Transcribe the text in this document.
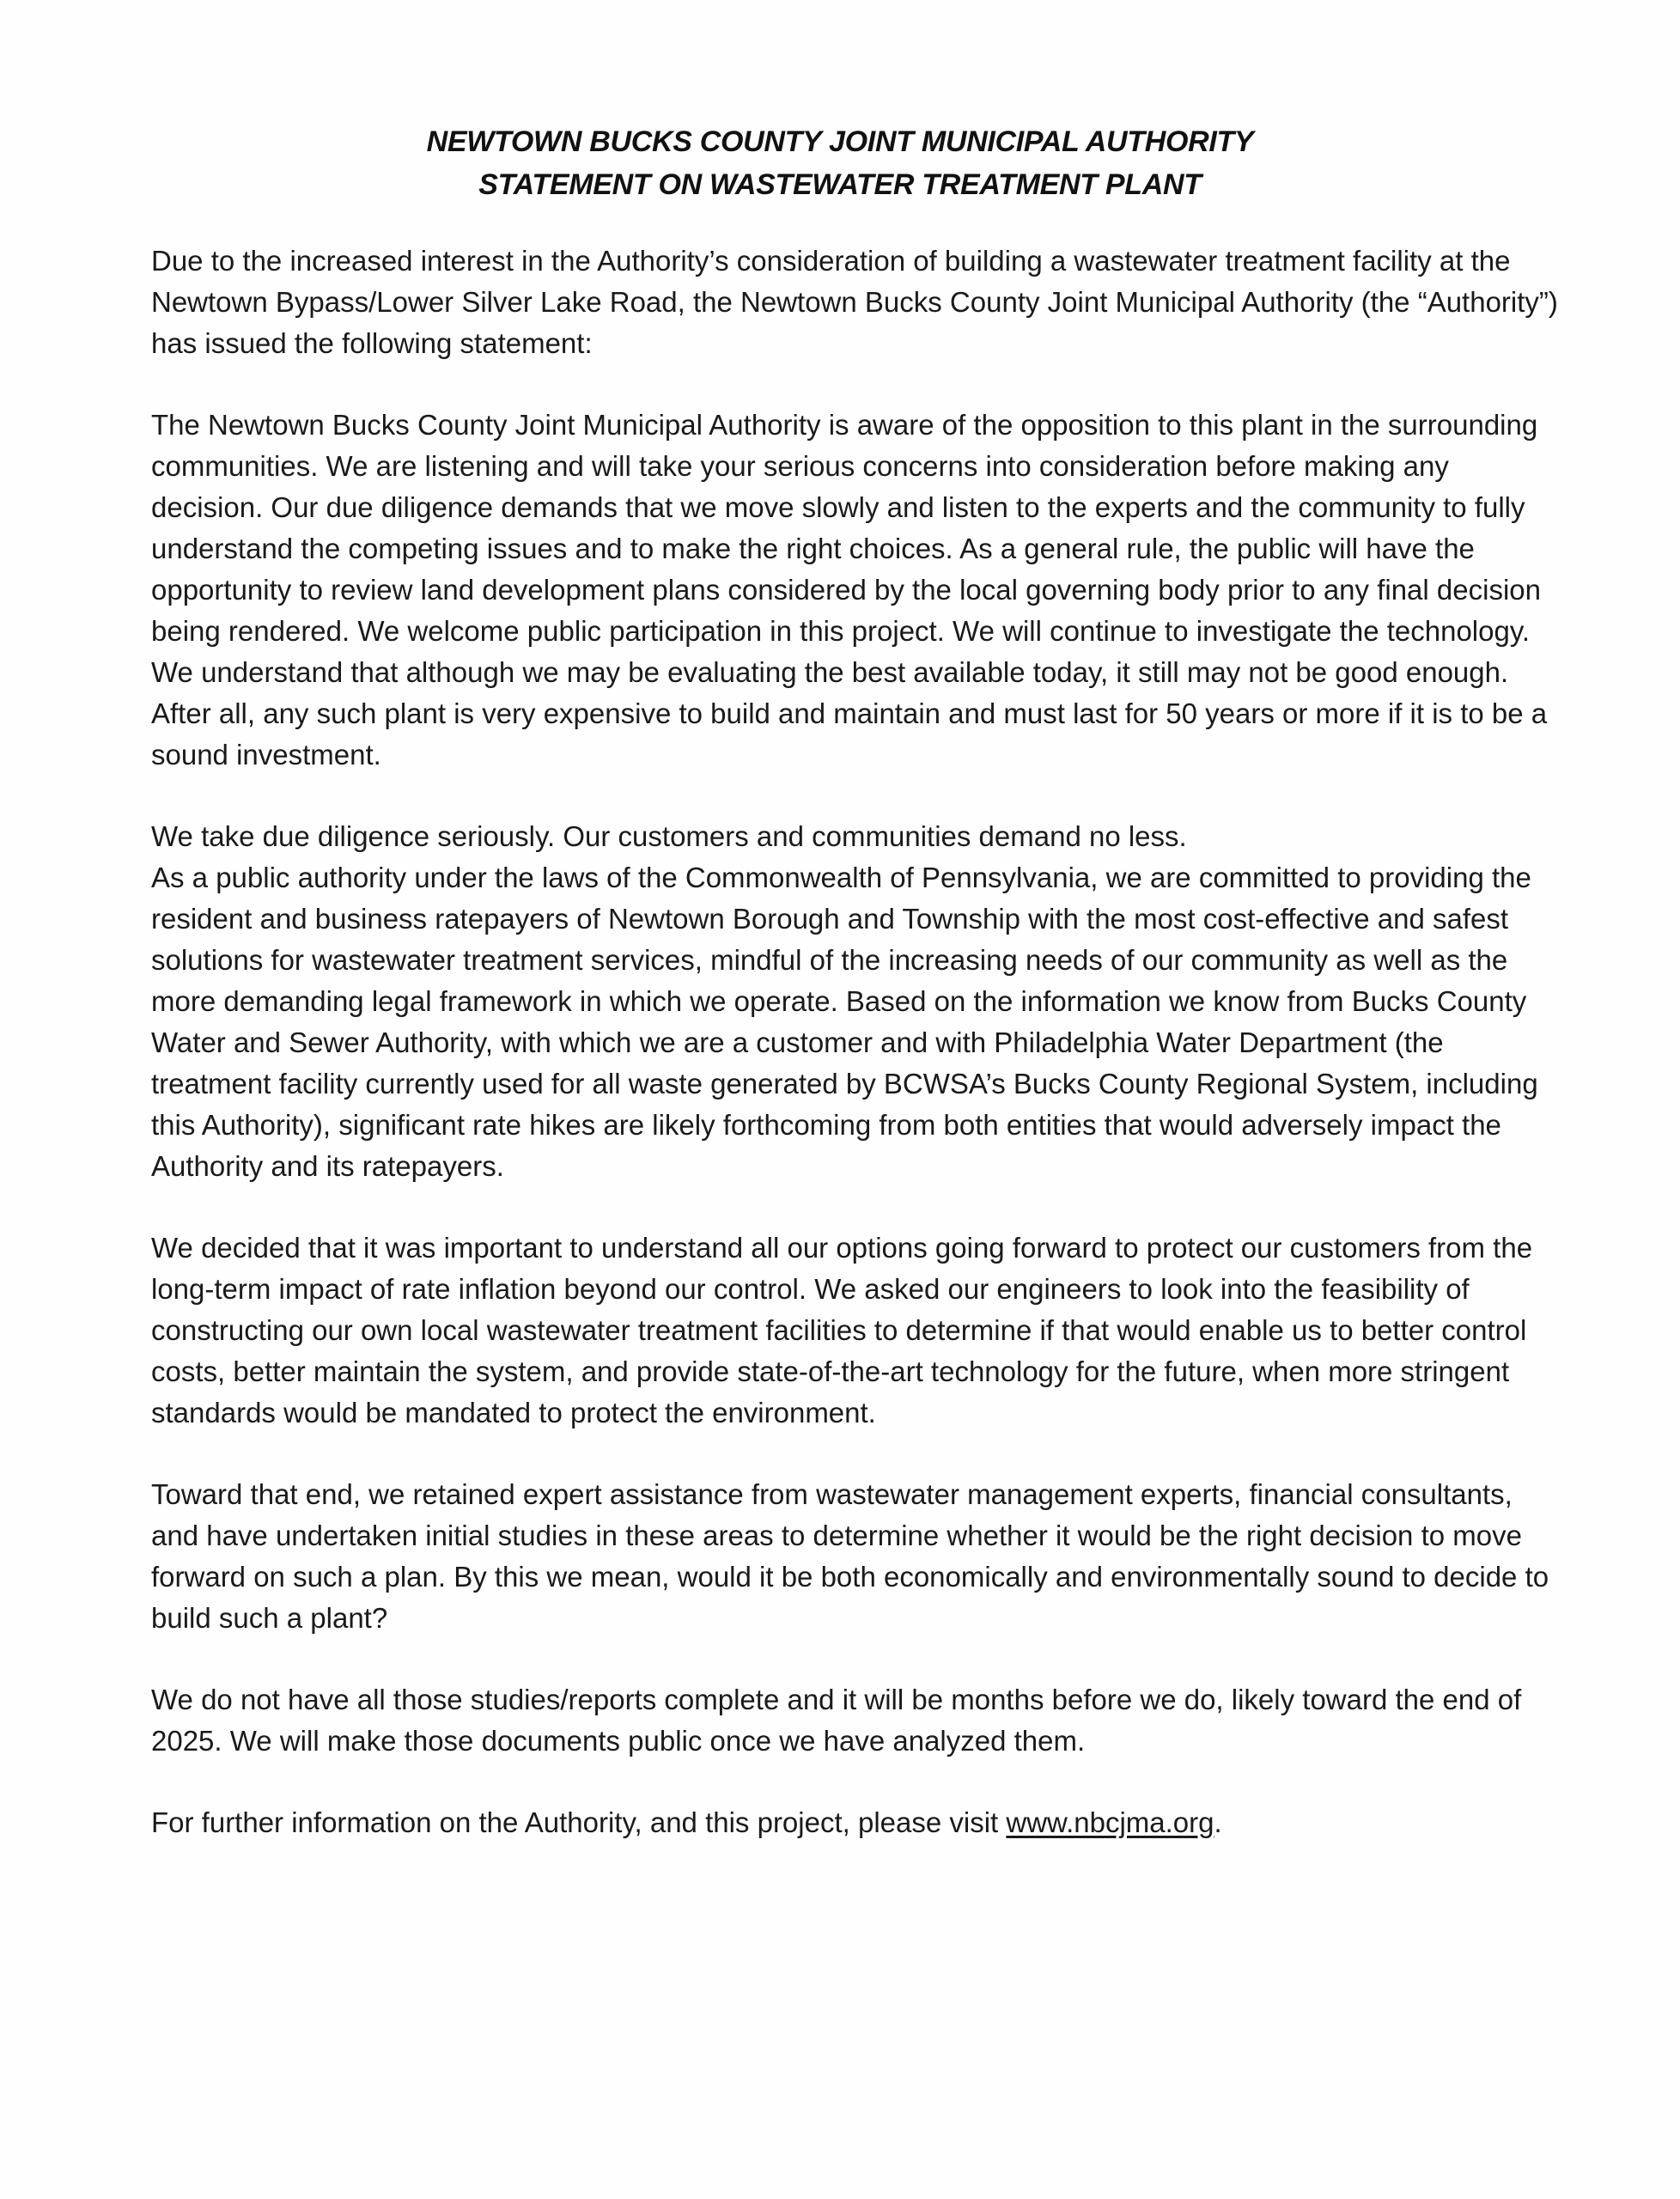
NEWTOWN BUCKS COUNTY JOINT MUNICIPAL AUTHORITY
STATEMENT ON WASTEWATER TREATMENT PLANT

Due to the increased interest in the Authority’s consideration of building a wastewater treatment facility at the Newtown Bypass/Lower Silver Lake Road, the Newtown Bucks County Joint Municipal Authority (the “Authority”) has issued the following statement:

The Newtown Bucks County Joint Municipal Authority is aware of the opposition to this plant in the surrounding communities. We are listening and will take your serious concerns into consideration before making any decision. Our due diligence demands that we move slowly and listen to the experts and the community to fully understand the competing issues and to make the right choices. As a general rule, the public will have the opportunity to review land development plans considered by the local governing body prior to any final decision being rendered. We welcome public participation in this project. We will continue to investigate the technology. We understand that although we may be evaluating the best available today, it still may not be good enough. After all, any such plant is very expensive to build and maintain and must last for 50 years or more if it is to be a sound investment.

We take due diligence seriously. Our customers and communities demand no less.

As a public authority under the laws of the Commonwealth of Pennsylvania, we are committed to providing the resident and business ratepayers of Newtown Borough and Township with the most cost-effective and safest solutions for wastewater treatment services, mindful of the increasing needs of our community as well as the more demanding legal framework in which we operate. Based on the information we know from Bucks County Water and Sewer Authority, with which we are a customer and with Philadelphia Water Department (the treatment facility currently used for all waste generated by BCWSA’s Bucks County Regional System, including this Authority), significant rate hikes are likely forthcoming from both entities that would adversely impact the Authority and its ratepayers.

We decided that it was important to understand all our options going forward to protect our customers from the long-term impact of rate inflation beyond our control. We asked our engineers to look into the feasibility of constructing our own local wastewater treatment facilities to determine if that would enable us to better control costs, better maintain the system, and provide state-of-the-art technology for the future, when more stringent standards would be mandated to protect the environment.

Toward that end, we retained expert assistance from wastewater management experts, financial consultants, and have undertaken initial studies in these areas to determine whether it would be the right decision to move forward on such a plan. By this we mean, would it be both economically and environmentally sound to decide to build such a plant?

We do not have all those studies/reports complete and it will be months before we do, likely toward the end of 2025. We will make those documents public once we have analyzed them.

For further information on the Authority, and this project, please visit www.nbcjma.org.
